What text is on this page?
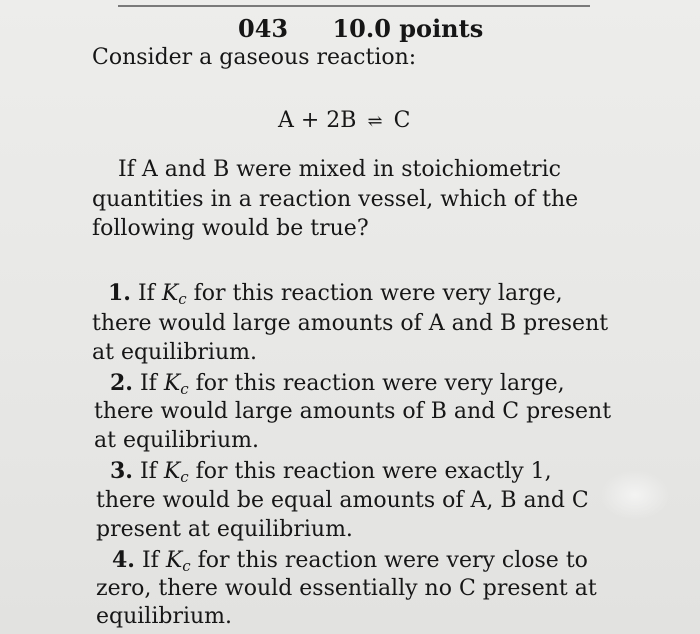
043 10.0 points
Consider a gaseous reaction:
A + 2B ⇌ C
If A and B were mixed in stoichiometric
quantities in a reaction vessel, which of the
following would be true?
1. If Kc for this reaction were very large,
there would large amounts of A and B present
at equilibrium.
2. If Kc for this reaction were very large,
there would large amounts of B and C present
at equilibrium.
3. If Kc for this reaction were exactly 1,
there would be equal amounts of A, B and C
present at equilibrium.
4. If Kc for this reaction were very close to
zero, there would essentially no C present at
equilibrium.
